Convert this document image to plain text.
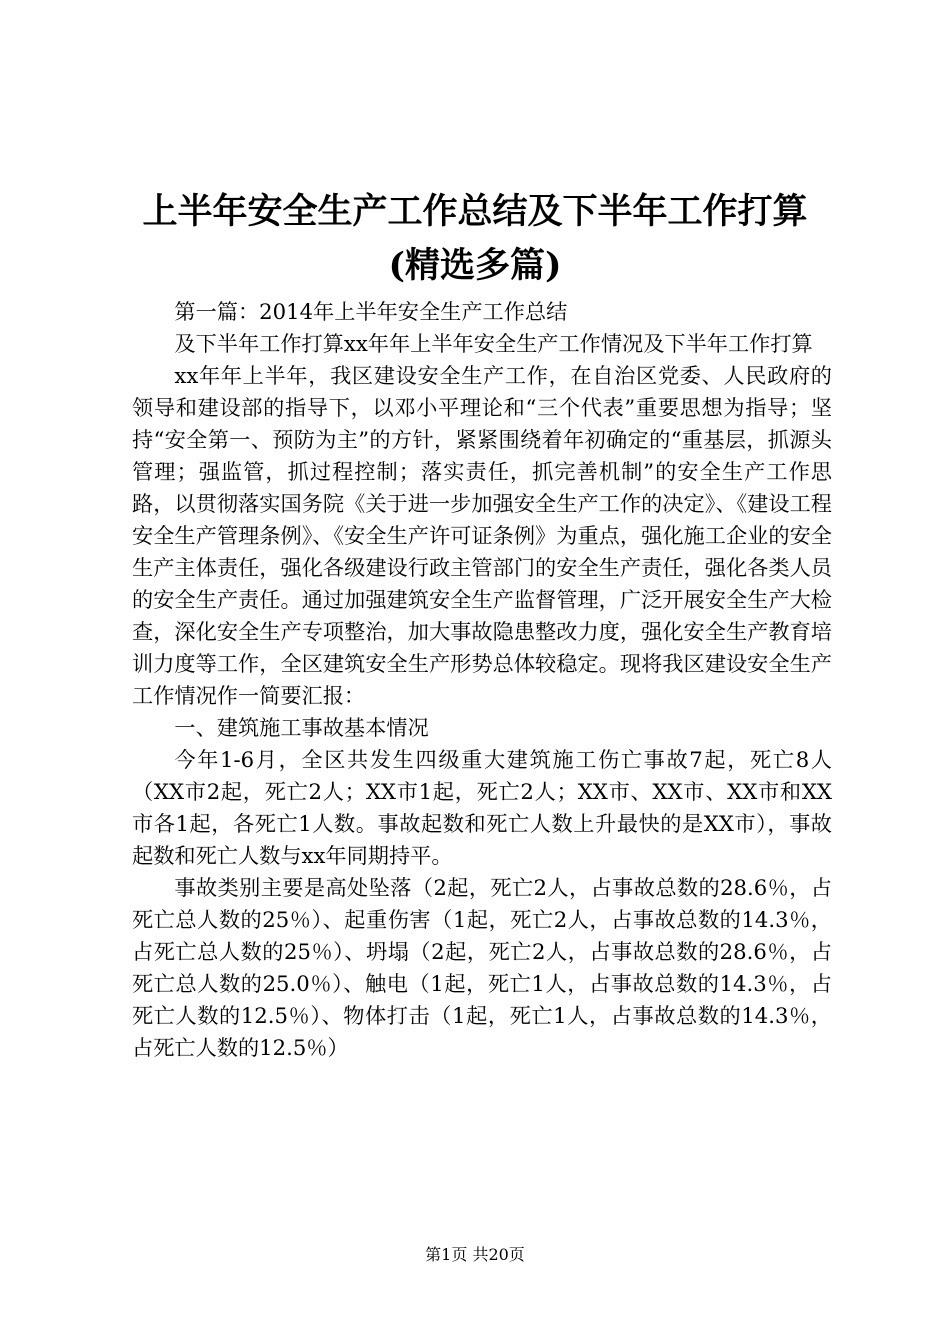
上半年安全生产工作总结及下半年工作打算
(精选多篇)

第一篇：2014年上半年安全生产工作总结

及下半年工作打算xx年年上半年安全生产工作情况及下半年工作打算

xx年年上半年，我区建设安全生产工作，在自治区党委、人民政府的领导和建设部的指导下，以邓小平理论和“三个代表”重要思想为指导；坚持“安全第一、预防为主”的方针，紧紧围绕着年初确定的“重基层，抓源头管理；强监管，抓过程控制；落实责任，抓完善机制”的安全生产工作思路，以贯彻落实国务院《关于进一步加强安全生产工作的决定》、《建设工程安全生产管理条例》、《安全生产许可证条例》为重点，强化施工企业的安全生产主体责任，强化各级建设行政主管部门的安全生产责任，强化各类人员的安全生产责任。通过加强建筑安全生产监督管理，广泛开展安全生产大检查，深化安全生产专项整治，加大事故隐患整改力度，强化安全生产教育培训力度等工作，全区建筑安全生产形势总体较稳定。现将我区建设安全生产工作情况作一简要汇报：

一、建筑施工事故基本情况

今年1-6月，全区共发生四级重大建筑施工伤亡事故7起，死亡8人（XX市2起，死亡2人；XX市1起，死亡2人；XX市、XX市、XX市和XX市各1起，各死亡1人数。事故起数和死亡人数上升最快的是XX市），事故起数和死亡人数与xx年同期持平。

事故类别主要是高处坠落（2起，死亡2人，占事故总数的28.6％，占死亡总人数的25％）、起重伤害（1起，死亡2人，占事故总数的14.3％，占死亡总人数的25％）、坍塌（2起，死亡2人，占事故总数的28.6％，占死亡总人数的25.0％）、触电（1起，死亡1人，占事故总数的14.3％，占死亡人数的12.5％）、物体打击（1起，死亡1人，占事故总数的14.3％，占死亡人数的12.5％）

第1页 共20页
